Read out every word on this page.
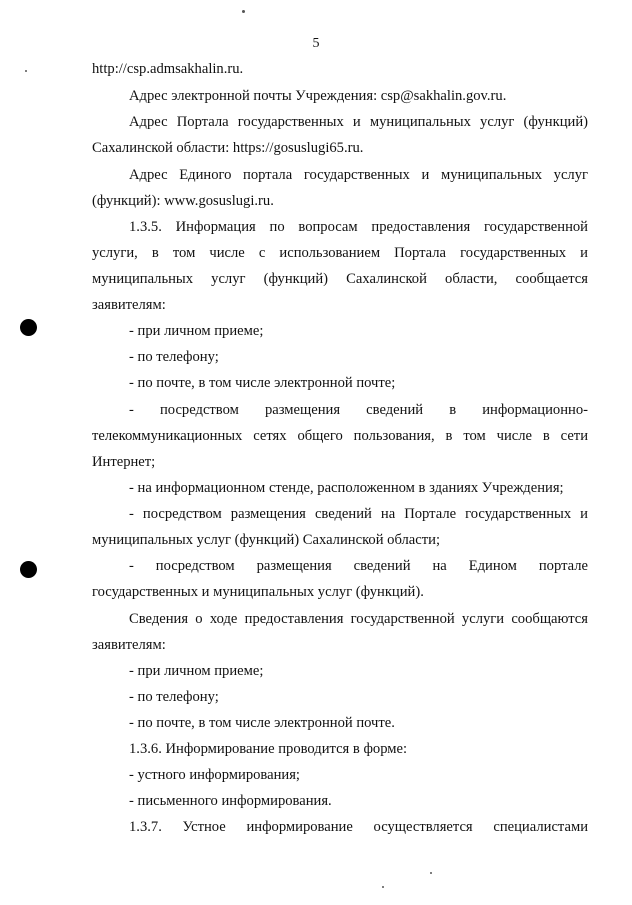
5
http://csp.admsakhalin.ru.
Адрес электронной почты Учреждения: csp@sakhalin.gov.ru.
Адрес Портала государственных и муниципальных услуг (функций)
Сахалинской области: https://gosuslugi65.ru.
Адрес Единого портала государственных и муниципальных услуг
(функций): www.gosuslugi.ru.
1.3.5. Информация по вопросам предоставления государственной
услуги, в том числе с использованием Портала государственных и
муниципальных услуг (функций) Сахалинской области, сообщается
заявителям:
- при личном приеме;
- по телефону;
- по почте, в том числе электронной почте;
- посредством размещения сведений в информационно-
телекоммуникационных сетях общего пользования, в том числе в сети
Интернет;
- на информационном стенде, расположенном в зданиях Учреждения;
- посредством размещения сведений на Портале государственных и
муниципальных услуг (функций) Сахалинской области;
- посредством размещения сведений на Едином портале
государственных и муниципальных услуг (функций).
Сведения о ходе предоставления государственной услуги сообщаются
заявителям:
- при личном приеме;
- по телефону;
- по почте, в том числе электронной почте.
1.3.6. Информирование проводится в форме:
- устного информирования;
- письменного информирования.
1.3.7. Устное информирование осуществляется специалистами
